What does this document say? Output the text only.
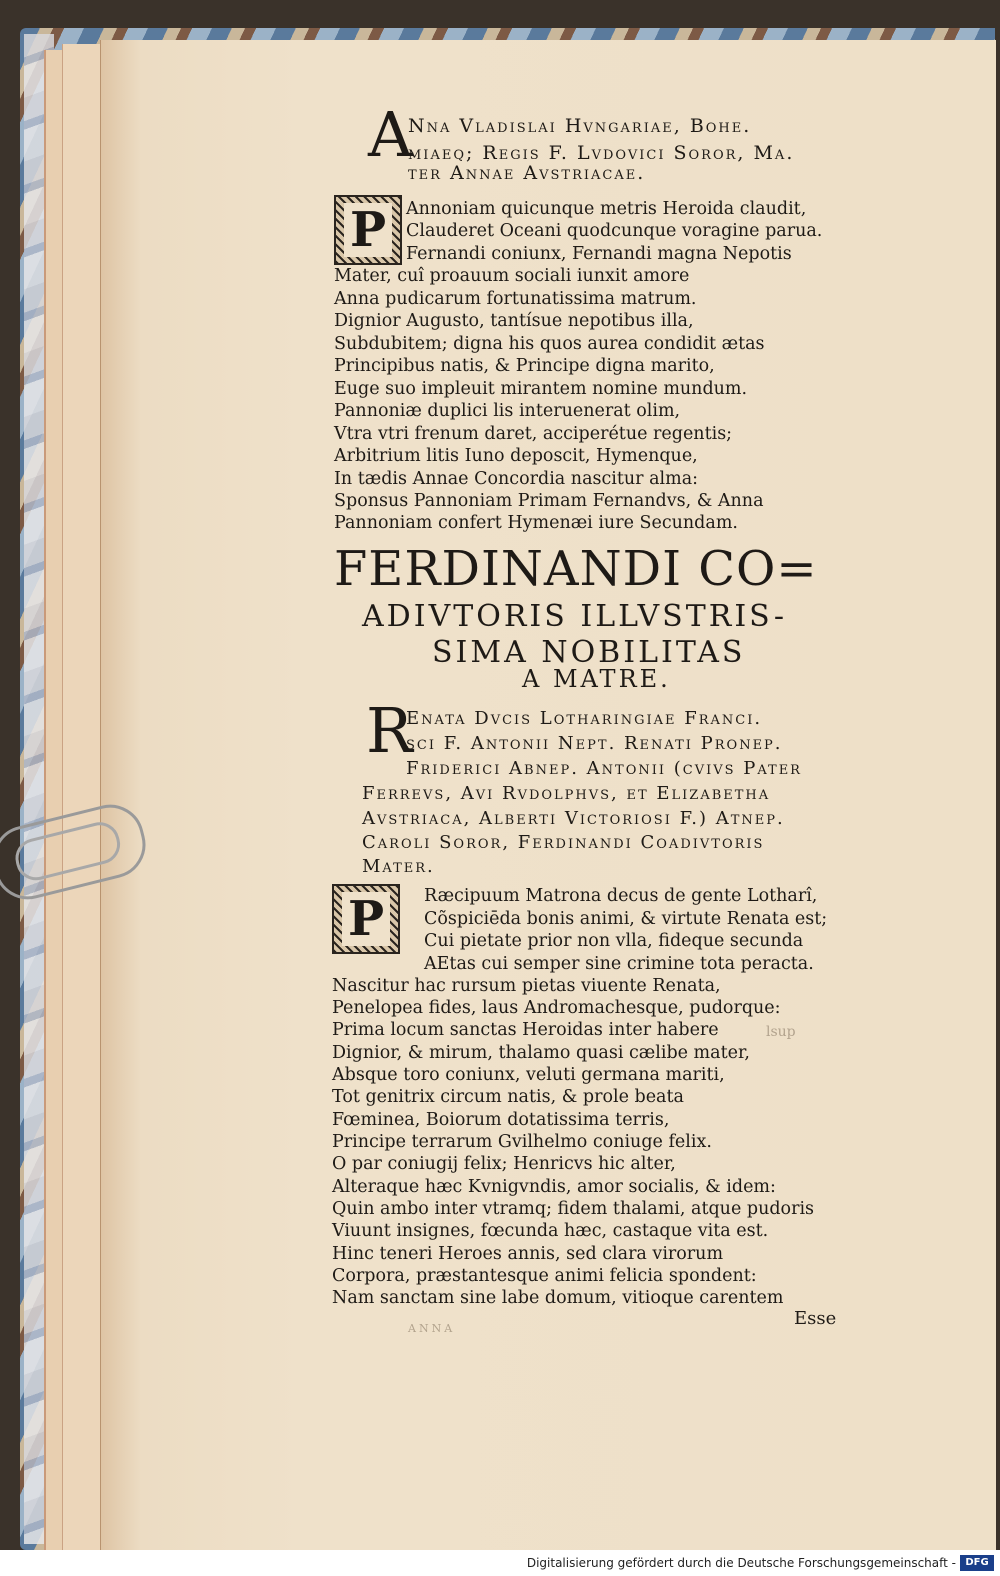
A
Nna Vladislai Hvngariae, Bohe.
miaeq; Regis F. Lvdovici Soror, Ma.
ter Annae Avstriacae.
P	Annoniam quicunque metris Heroida claudit,
Clauderet Oceani quodcunque voragine parua.
Fernandi coniunx, Fernandi magna Nepotis
Mater, cuî proauum sociali iunxit amore
Anna pudicarum fortunatissima matrum.
Dignior Augusto, tantísue nepotibus illa,
Subdubitem; digna his quos aurea condidit ætas
Principibus natis, & Principe digna marito,
Euge suo impleuit mirantem nomine mundum.
Pannoniæ duplici lis interuenerat olim,
Vtra vtri frenum daret, acciperétue regentis;
Arbitrium litis Iuno deposcit, Hymenque,
In tædis Annae Concordia nascitur alma:
Sponsus Pannoniam Primam Fernandvs, & Anna
Pannoniam confert Hymenæi iure Secundam.
FERDINANDI CO=
ADIVTORIS ILLVSTRIS-
SIMA NOBILITAS
A MATRE.
R
Enata Dvcis Lotharingiae Franci.
sci F. Antonii Nept. Renati Pronep.
Friderici Abnep. Antonii (cvivs Pater
Ferrevs, Avi Rvdolphvs, et Elizabetha
Avstriaca, Alberti Victoriosi F.) Atnep.
Caroli Soror, Ferdinandi Coadivtoris
Mater.
P	Ræcipuum Matrona decus de gente Lotharî,
Cõspiciēda bonis animi, & virtute Renata est;
Cui pietate prior non vlla, fideque secunda
AEtas cui semper sine crimine tota peracta.
Nascitur hac rursum pietas viuente Renata,
Penelopea fides, laus Andromachesque, pudorque:
Prima locum sanctas Heroidas inter habere
Dignior, & mirum, thalamo quasi cælibe mater,
Absque toro coniunx, veluti germana mariti,
Tot genitrix circum natis, & prole beata
Fœminea, Boiorum dotatissima terris,
Principe terrarum Gvilhelmo coniuge felix.
O par coniugij felix; Henricvs hic alter,
Alteraque hæc Kvnigvndis, amor socialis, & idem:
Quin ambo inter vtramq; fidem thalami, atque pudoris
Viuunt insignes, fœcunda hæc, castaque vita est.
Hinc teneri Heroes annis, sed clara virorum
Corpora, præstantesque animi felicia spondent:
Nam sanctam sine labe domum, vitioque carentem
Esse
lsup
ANNA
Digitalisierung gefördert durch die Deutsche Forschungsgemeinschaft - DFG
